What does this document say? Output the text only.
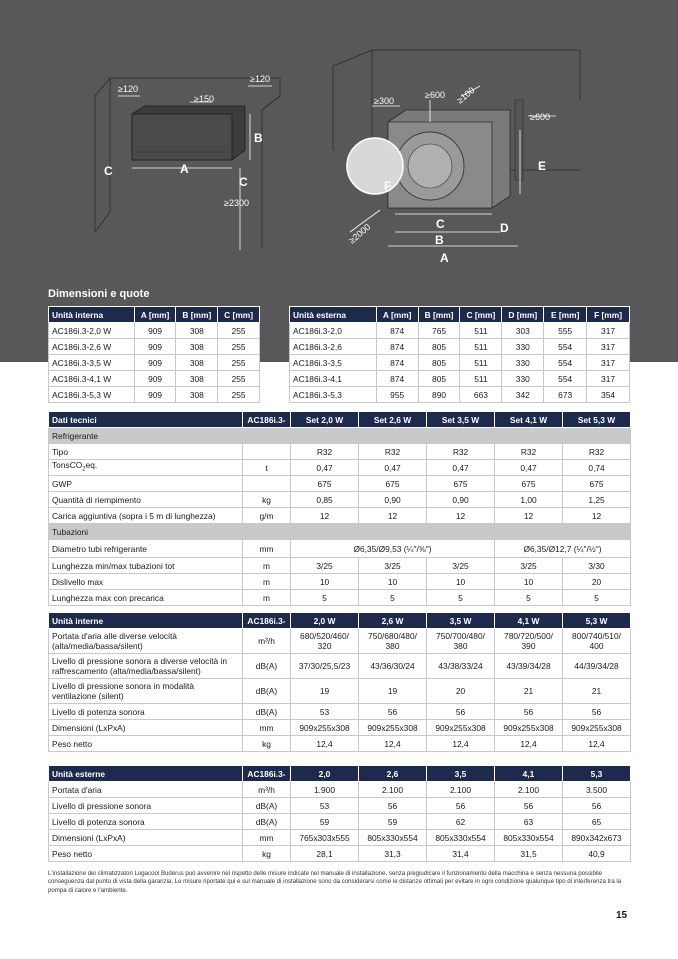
≥120
≥150
≥120
≥2300
≥300
≥600 ≥100
≥600
≥2000
A
B
C
C
A
B
C	D
E
F
Dimensioni e quote
Unità interna	A [mm]	B [mm]	C [mm]
AC186i.3-2,0 W	909	308	255
AC186i.3-2,6 W	909	308	255
AC186i.3-3,5 W	909	308	255
AC186i.3-4,1 W	909	308	255
AC186i.3-5,3 W	909	308	255
Unità esterna	A [mm]	B [mm]	C [mm]	D [mm]	E [mm]	F [mm]
AC186i.3-2,0	874	765	511	303	555	317
AC186i.3-2,6	874	805	511	330	554	317
AC186i.3-3,5	874	805	511	330	554	317
AC186i.3-4,1	874	805	511	330	554	317
AC186i.3-5,3	955	890	663	342	673	354
Dati tecnici	AC186i.3-	Set 2,0 W	Set 2,6 W	Set 3,5 W	Set 4,1 W	Set 5,3 W
Refrigerante						
Tipo		R32	R32	R32	R32	R32
TonsCO$_2$eq.	t	0,47	0,47	0,47	0,47	0,74
GWP		675	675	675	675	675
Quantità di riempimento	kg	0,85	0,90	0,90	1,00	1,25
Carica aggiuntiva (sopra i 5 m di lunghezza)	g/m	12	12	12	12	12
Tubazioni						
Diametro tubi refrigerante	mm	Ø6,35/Ø9,53 (¼"/⅜")			Ø6,35/Ø12,7 (¼"/½")	
Lunghezza min/max tubazioni tot	m	3/25	3/25	3/25	3/25	3/30
Dislivello max	m	10	10	10	10	20
Lunghezza max con precarica	m	5	5	5	5	5
Unità interne	AC186i.3-	2,0 W	2,6 W	3,5 W	4,1 W	5,3 W
Portata d'aria alle diverse velocità (alta/media/bassa/silent)	m³/h	680/520/460/ 320	750/680/480/ 380	750/700/480/ 380	780/720/500/ 390	800/740/510/ 400
Livello di pressione sonora a diverse velocità in raffrescamento (alta/media/bassa/silent)	dB(A)	37/30/25,5/23	43/36/30/24	43/38/33/24	43/39/34/28	44/39/34/28
Livello di pressione sonora in modalità ventilazione (silent)	dB(A)	19	19	20	21	21
Livello di potenza sonora	dB(A)	53	56	56	56	56
Dimensioni (LxPxA)	mm	909x255x308	909x255x308	909x255x308	909x255x308	909x255x308
Peso netto	kg	12,4	12,4	12,4	12,4	12,4
Unità esterne	AC186i.3-	2,0	2,6	3,5	4,1	5,3
Portata d'aria	m³/h	1.900	2.100	2.100	2.100	3.500
Livello di pressione sonora	dB(A)	53	56	56	56	56
Livello di potenza sonora	dB(A)	59	59	62	63	65
Dimensioni (LxPxA)	mm	765x303x555	805x330x554	805x330x554	805x330x554	890x342x673
Peso netto	kg	28,1	31,3	31,4	31,5	40,9
L'installazione dei climatizzatori Logacool Buderus può avvenire nel rispetto delle misure indicate nel manuale di installazione, senza pregiudicare il funzionamento della macchina e senza nessuna possibile conseguenza dal punto di vista della garanzia. Le misure riportate qui e sul manuale di installazione sono da considerarsi come le distanze ottimali per evitare in ogni condizione qualunque tipo di interferenza tra la pompa di calore e l'ambiente.
15
